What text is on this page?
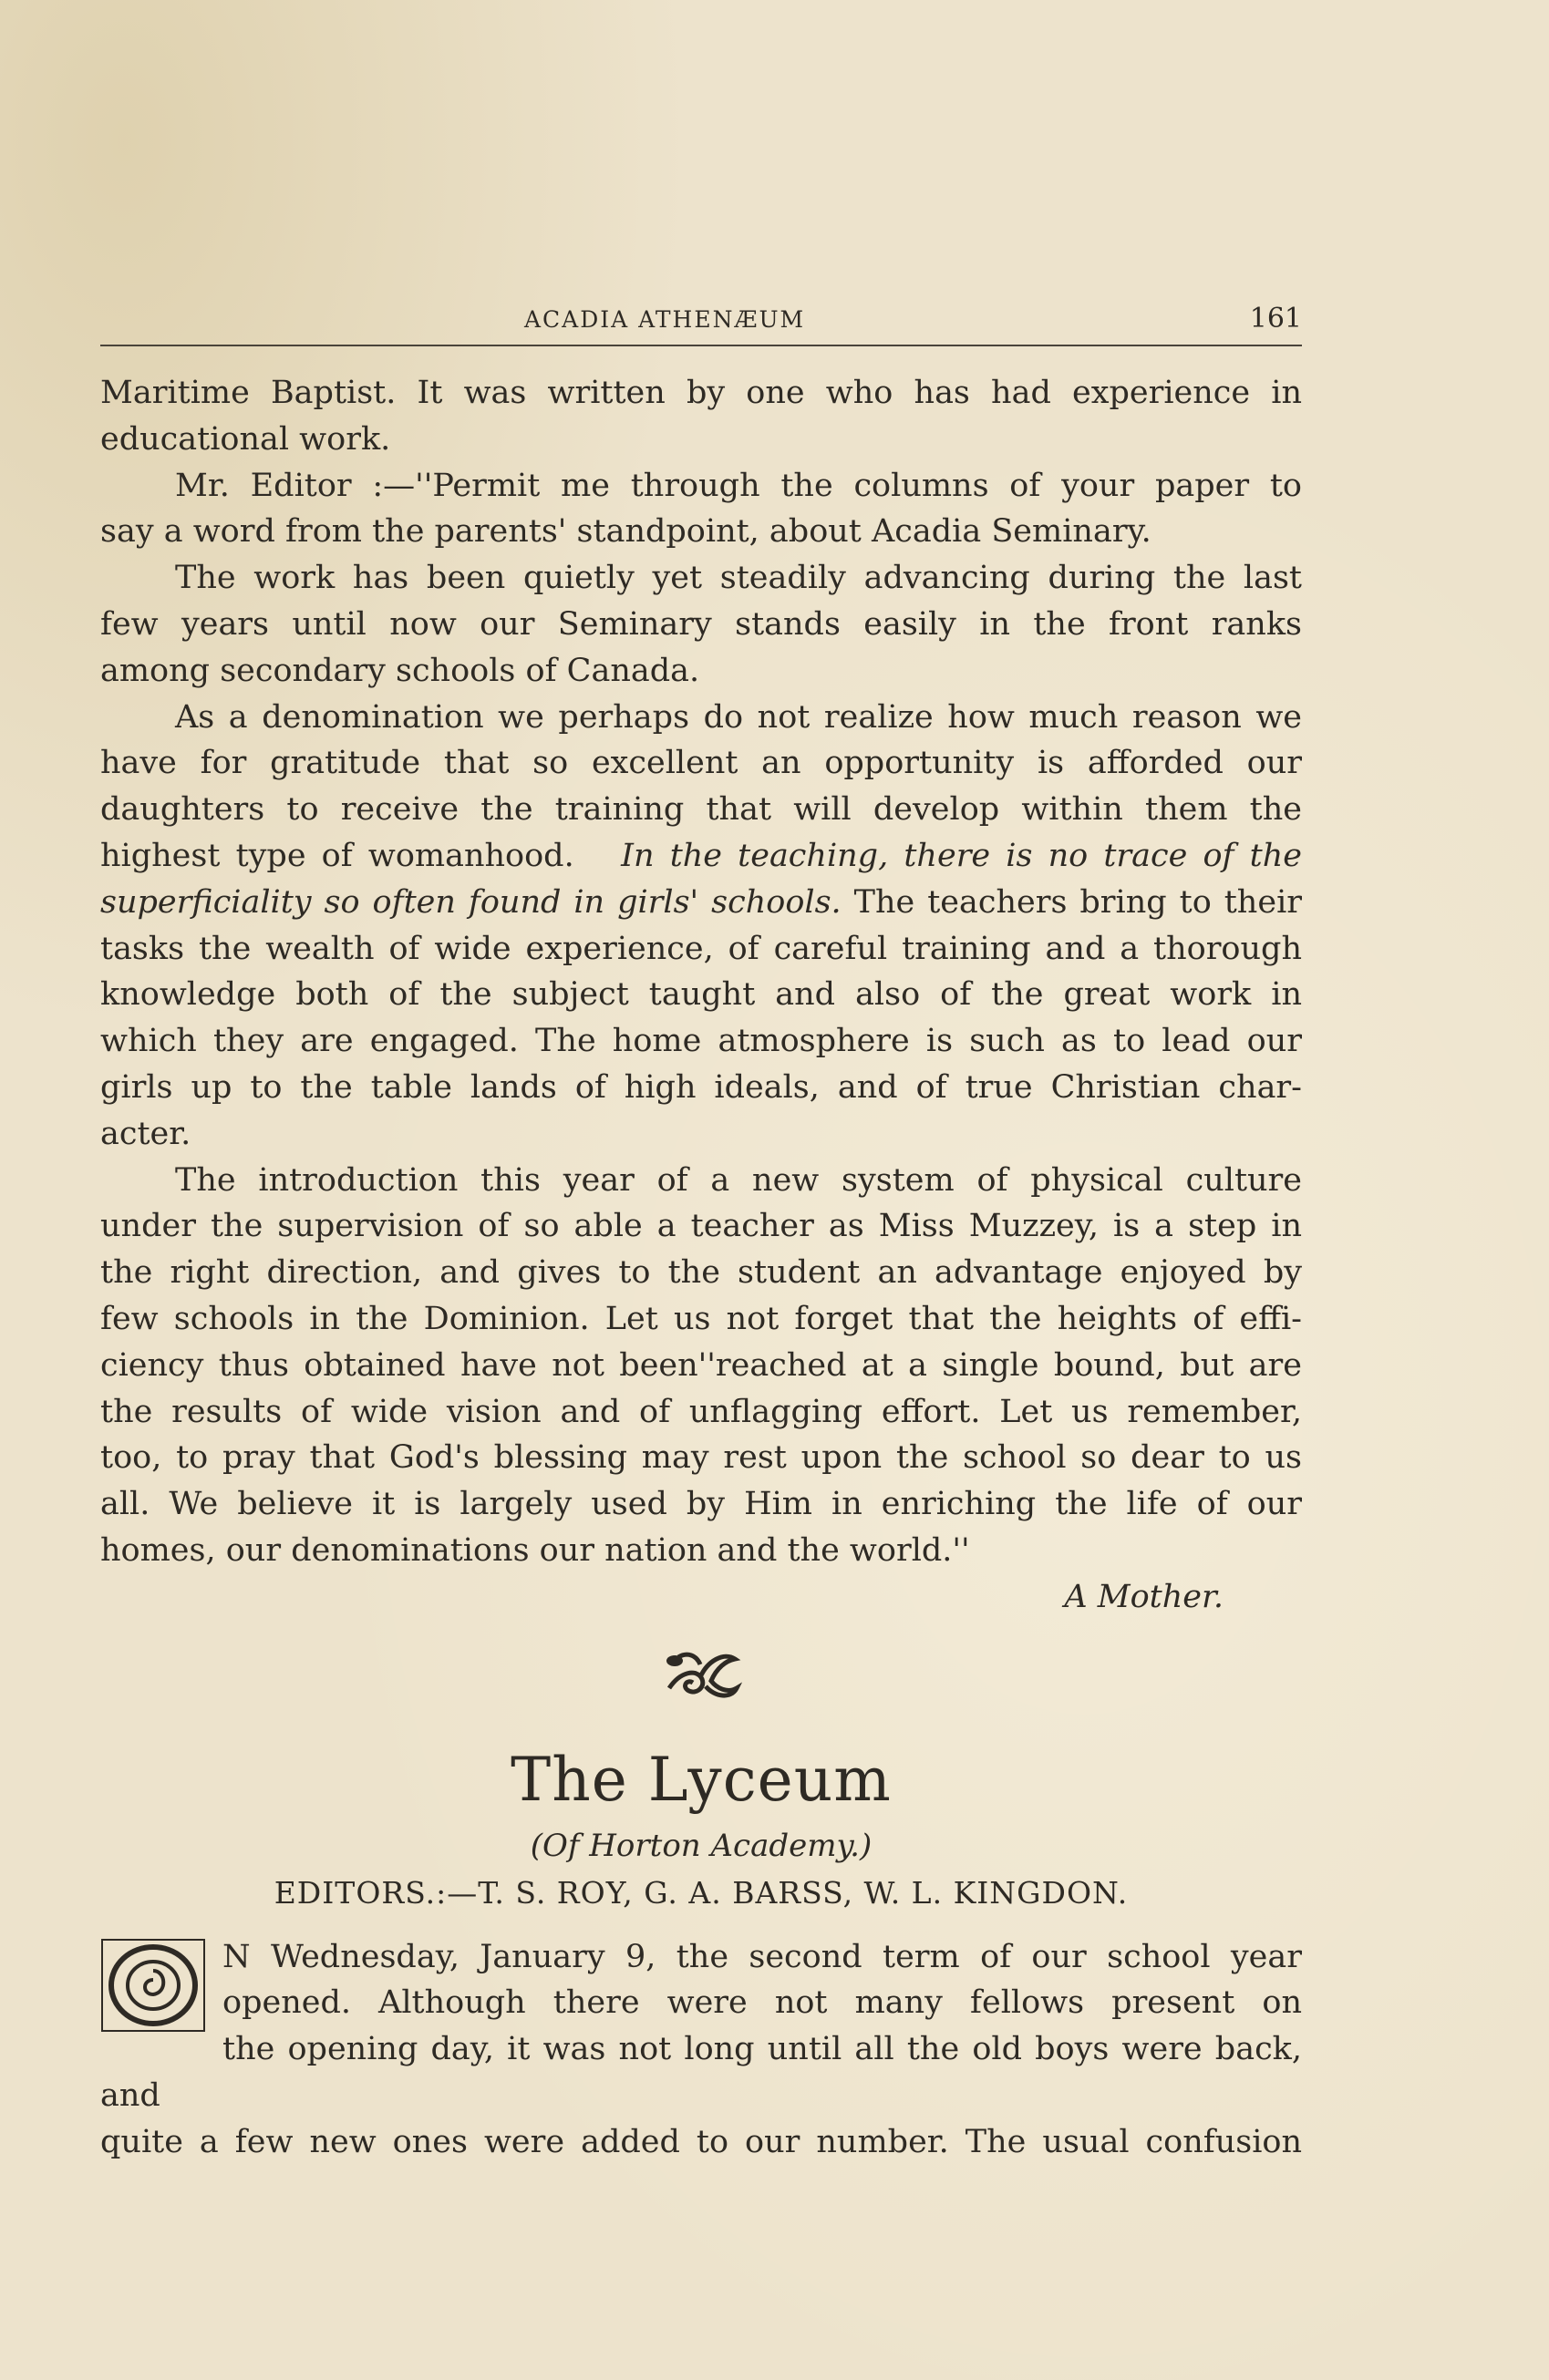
ACADIA ATHENÆUM	161

Maritime Baptist. It was written by one who has had experience in
educational work.

Mr. Editor :—''Permit me through the columns of your paper to
say a word from the parents' standpoint, about Acadia Seminary.

The work has been quietly yet steadily advancing during the last
few years until now our Seminary stands easily in the front ranks
among secondary schools of Canada.

As a denomination we perhaps do not realize how much reason we
have for gratitude that so excellent an opportunity is afforded our
daughters to receive the training that will develop within them the
highest type of womanhood. In the teaching, there is no trace of the
superficiality so often found in girls' schools. The teachers bring to their
tasks the wealth of wide experience, of careful training and a thorough
knowledge both of the subject taught and also of the great work in
which they are engaged. The home atmosphere is such as to lead our
girls up to the table lands of high ideals, and of true Christian char-
acter.

The introduction this year of a new system of physical culture
under the supervision of so able a teacher as Miss Muzzey, is a step in
the right direction, and gives to the student an advantage enjoyed by
few schools in the Dominion. Let us not forget that the heights of effi-
ciency thus obtained have not been''reached at a single bound, but are
the results of wide vision and of unflagging effort. Let us remember,
too, to pray that God's blessing may rest upon the school so dear to us
all. We believe it is largely used by Him in enriching the life of our
homes, our denominations our nation and the world.''

A Mother.

The Lyceum
(Of Horton Academy.)
EDITORS.:—T. S. ROY, G. A. BARSS, W. L. KINGDON.
N Wednesday, January 9, the second term of our school year
opened. Although there were not many fellows present on
the opening day, it was not long until all the old boys were back, and
quite a few new ones were added to our number. The usual confusion
